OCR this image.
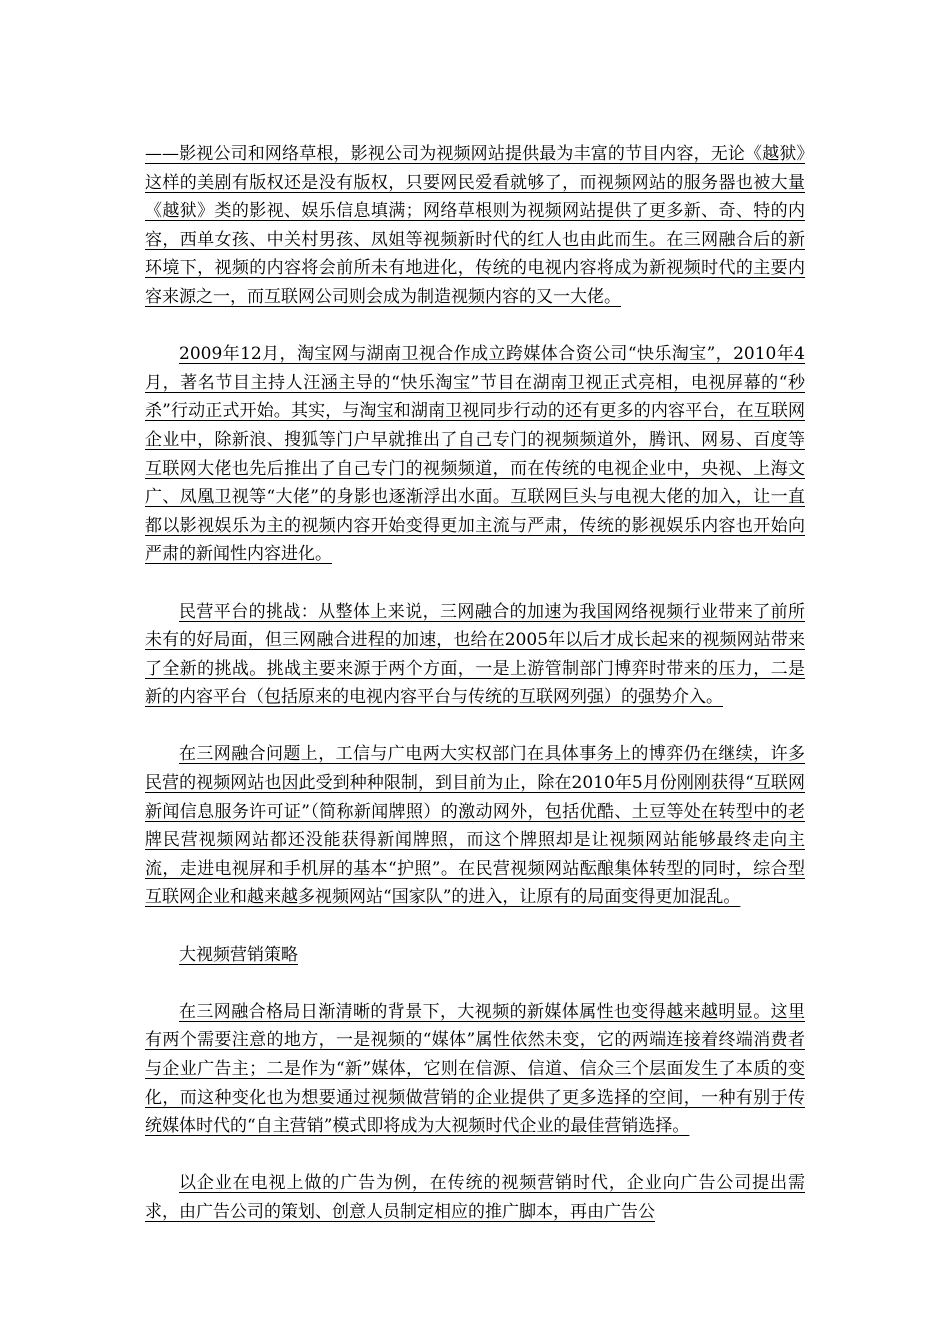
——影视公司和网络草根，影视公司为视频网站提供最为丰富的节目内容，无论《越狱》这样的美剧有版权还是没有版权，只要网民爱看就够了，而视频网站的服务器也被大量《越狱》类的影视、娱乐信息填满；网络草根则为视频网站提供了更多新、奇、特的内容，西单女孩、中关村男孩、凤姐等视频新时代的红人也由此而生。在三网融合后的新环境下，视频的内容将会前所未有地进化，传统的电视内容将成为新视频时代的主要内容来源之一，而互联网公司则会成为制造视频内容的又一大佬。

2009年12月，淘宝网与湖南卫视合作成立跨媒体合资公司“快乐淘宝”，2010年4月，著名节目主持人汪涵主导的“快乐淘宝”节目在湖南卫视正式亮相，电视屏幕的“秒杀”行动正式开始。其实，与淘宝和湖南卫视同步行动的还有更多的内容平台，在互联网企业中，除新浪、搜狐等门户早就推出了自己专门的视频频道外，腾讯、网易、百度等互联网大佬也先后推出了自己专门的视频频道，而在传统的电视企业中，央视、上海文广、凤凰卫视等“大佬”的身影也逐渐浮出水面。互联网巨头与电视大佬的加入，让一直都以影视娱乐为主的视频内容开始变得更加主流与严肃，传统的影视娱乐内容也开始向严肃的新闻性内容进化。

民营平台的挑战：从整体上来说，三网融合的加速为我国网络视频行业带来了前所未有的好局面，但三网融合进程的加速，也给在2005年以后才成长起来的视频网站带来了全新的挑战。挑战主要来源于两个方面，一是上游管制部门博弈时带来的压力，二是新的内容平台（包括原来的电视内容平台与传统的互联网列强）的强势介入。

在三网融合问题上，工信与广电两大实权部门在具体事务上的博弈仍在继续，许多民营的视频网站也因此受到种种限制，到目前为止，除在2010年5月份刚刚获得“互联网新闻信息服务许可证”（简称新闻牌照）的激动网外，包括优酷、土豆等处在转型中的老牌民营视频网站都还没能获得新闻牌照，而这个牌照却是让视频网站能够最终走向主流，走进电视屏和手机屏的基本“护照”。在民营视频网站酝酿集体转型的同时，综合型互联网企业和越来越多视频网站“国家队”的进入，让原有的局面变得更加混乱。

大视频营销策略

在三网融合格局日渐清晰的背景下，大视频的新媒体属性也变得越来越明显。这里有两个需要注意的地方，一是视频的“媒体”属性依然未变，它的两端连接着终端消费者与企业广告主；二是作为“新”媒体，它则在信源、信道、信众三个层面发生了本质的变化，而这种变化也为想要通过视频做营销的企业提供了更多选择的空间，一种有别于传统媒体时代的“自主营销”模式即将成为大视频时代企业的最佳营销选择。

以企业在电视上做的广告为例，在传统的视频营销时代，企业向广告公司提出需求，由广告公司的策划、创意人员制定相应的推广脚本，再由广告公
